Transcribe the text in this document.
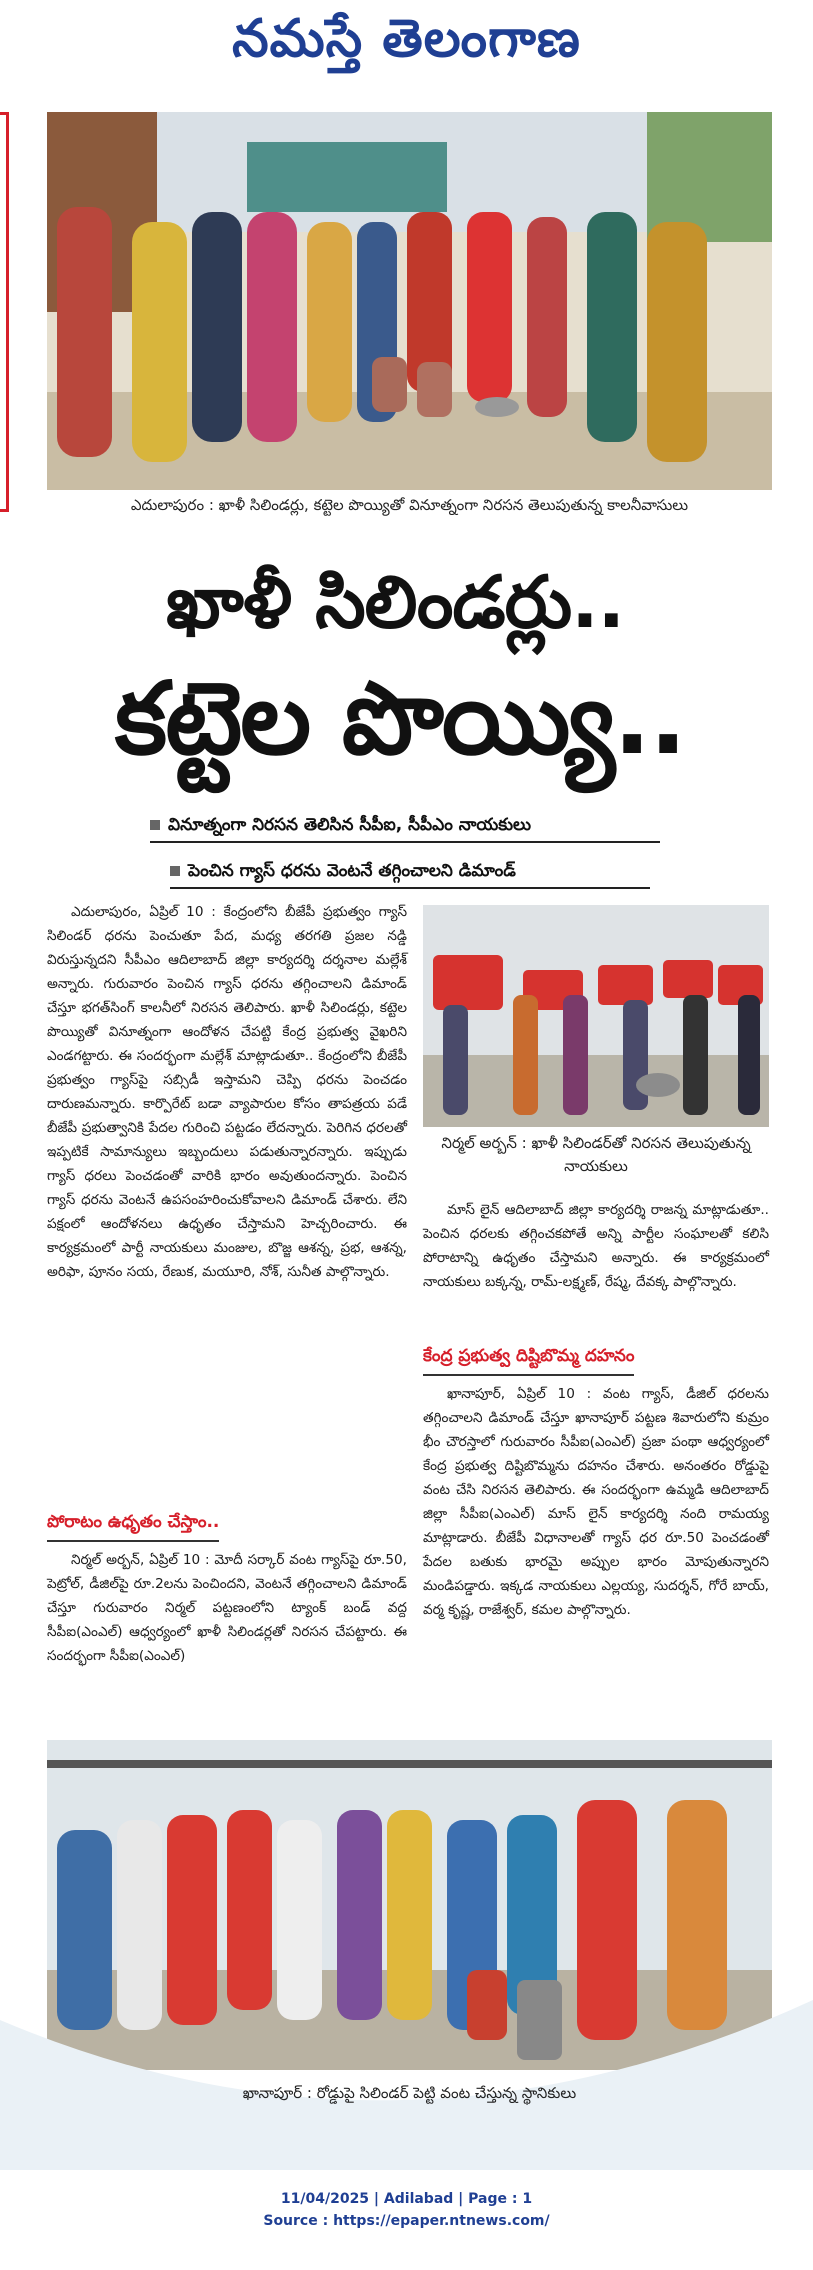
నమస్తే తెలంగాణ
ఎదులాపురం : ఖాళీ సిలిండర్లు, కట్టెల పొయ్యితో వినూత్నంగా నిరసన తెలుపుతున్న కాలనీవాసులు
ఖాళీ సిలిండర్లు..
కట్టెల పొయ్యి..
వినూత్నంగా నిరసన తెలిసిన సీపీఐ, సీపీఎం నాయకులు
పెంచిన గ్యాస్ ధరను వెంటనే తగ్గించాలని డిమాండ్

ఎదులాపురం, ఏప్రిల్ 10 : కేంద్రంలోని బీజేపీ ప్రభుత్వం గ్యాస్ సిలిండర్ ధరను పెంచుతూ పేద, మధ్య తరగతి ప్రజల నడ్డి విరుస్తున్నదని సీపీఎం ఆదిలాబాద్ జిల్లా కార్యదర్శి దర్శనాల మల్లేశ్ అన్నారు. గురువారం పెంచిన గ్యాస్ ధరను తగ్గించాలని డిమాండ్ చేస్తూ భగత్‌సింగ్ కాలనీలో నిరసన తెలిపారు. ఖాళీ సిలిండర్లు, కట్టెల పొయ్యితో వినూత్నంగా ఆందోళన చేపట్టి కేంద్ర ప్రభుత్వ వైఖరిని ఎండగట్టారు. ఈ సందర్భంగా మల్లేశ్ మాట్లాడుతూ.. కేంద్రంలోని బీజేపీ ప్రభుత్వం గ్యాస్‌పై సబ్సిడీ ఇస్తామని చెప్పి ధరను పెంచడం దారుణమన్నారు. కార్పొరేట్ బడా వ్యాపారుల కోసం తాపత్రయ పడే బీజేపీ ప్రభుత్వానికి పేదల గురించి పట్టడం లేదన్నారు. పెరిగిన ధరలతో ఇప్పటికే సామాన్యులు ఇబ్బందులు పడుతున్నారన్నారు. ఇప్పుడు గ్యాస్ ధరలు పెంచడంతో వారికి భారం అవుతుందన్నారు. పెంచిన గ్యాస్ ధరను వెంటనే ఉపసంహరించుకోవాలని డిమాండ్ చేశారు. లేని పక్షంలో ఆందోళనలు ఉధృతం చేస్తామని హెచ్చరించారు. ఈ కార్యక్రమంలో పార్టీ నాయకులు మంజుల, బొజ్జ ఆశన్న, ప్రభ, ఆశన్న, అరిఫా, పూనం సయ, రేణుక, మయూరి, నోశ్, సునీత పాల్గొన్నారు.

పోరాటం ఉధృతం చేస్తాం..

నిర్మల్ అర్బన్, ఏప్రిల్ 10 : మోదీ సర్కార్ వంట గ్యాస్‌పై రూ.50, పెట్రోల్, డీజిల్‌పై రూ.2లను పెంచిందని, వెంటనే తగ్గించాలని డిమాండ్ చేస్తూ గురువారం నిర్మల్ పట్టణంలోని ట్యాంక్ బండ్ వద్ద సీపీఐ(ఎంఎల్) ఆధ్వర్యంలో ఖాళీ సిలిండర్లతో నిరసన చేపట్టారు. ఈ సందర్భంగా సీపీఐ(ఎంఎల్)

నిర్మల్ అర్బన్ : ఖాళీ సిలిండర్‌తో నిరసన తెలుపుతున్న నాయకులు

మాస్ లైన్ ఆదిలాబాద్ జిల్లా కార్యదర్శి రాజన్న మాట్లాడుతూ.. పెంచిన ధరలకు తగ్గించకపోతే అన్ని పార్టీల సంఘాలతో కలిసి పోరాటాన్ని ఉధృతం చేస్తామని అన్నారు. ఈ కార్యక్రమంలో నాయకులు బక్కన్న, రామ్-లక్ష్మణ్, రేష్మ, దేవక్క పాల్గొన్నారు.

కేంద్ర ప్రభుత్వ దిష్టిబొమ్మ దహనం

ఖానాపూర్, ఏప్రిల్ 10 : వంట గ్యాస్, డీజిల్ ధరలను తగ్గించాలని డిమాండ్ చేస్తూ ఖానాపూర్ పట్టణ శివారులోని కుమ్రం భీం చౌరస్తాలో గురువారం సీపీఐ(ఎంఎల్) ప్రజా పంథా ఆధ్వర్యంలో కేంద్ర ప్రభుత్వ దిష్టిబొమ్మను దహనం చేశారు. అనంతరం రోడ్డుపై వంట చేసి నిరసన తెలిపారు. ఈ సందర్భంగా ఉమ్మడి ఆదిలాబాద్ జిల్లా సీపీఐ(ఎంఎల్) మాస్ లైన్ కార్యదర్శి నంది రామయ్య మాట్లాడారు. బీజేపీ విధానాలతో గ్యాస్ ధర రూ.50 పెంచడంతో పేదల బతుకు భారమై అప్పుల భారం మోపుతున్నారని మండిపడ్డారు. ఇక్కడ నాయకులు ఎల్లయ్య, సుదర్శన్, గోరే బాయ్, వర్మ కృష్ణ, రాజేశ్వర్, కమల పాల్గొన్నారు.

ఖానాపూర్ : రోడ్డుపై సిలిండర్ పెట్టి వంట చేస్తున్న స్థానికులు
11/04/2025 | Adilabad | Page : 1
Source : https://epaper.ntnews.com/
